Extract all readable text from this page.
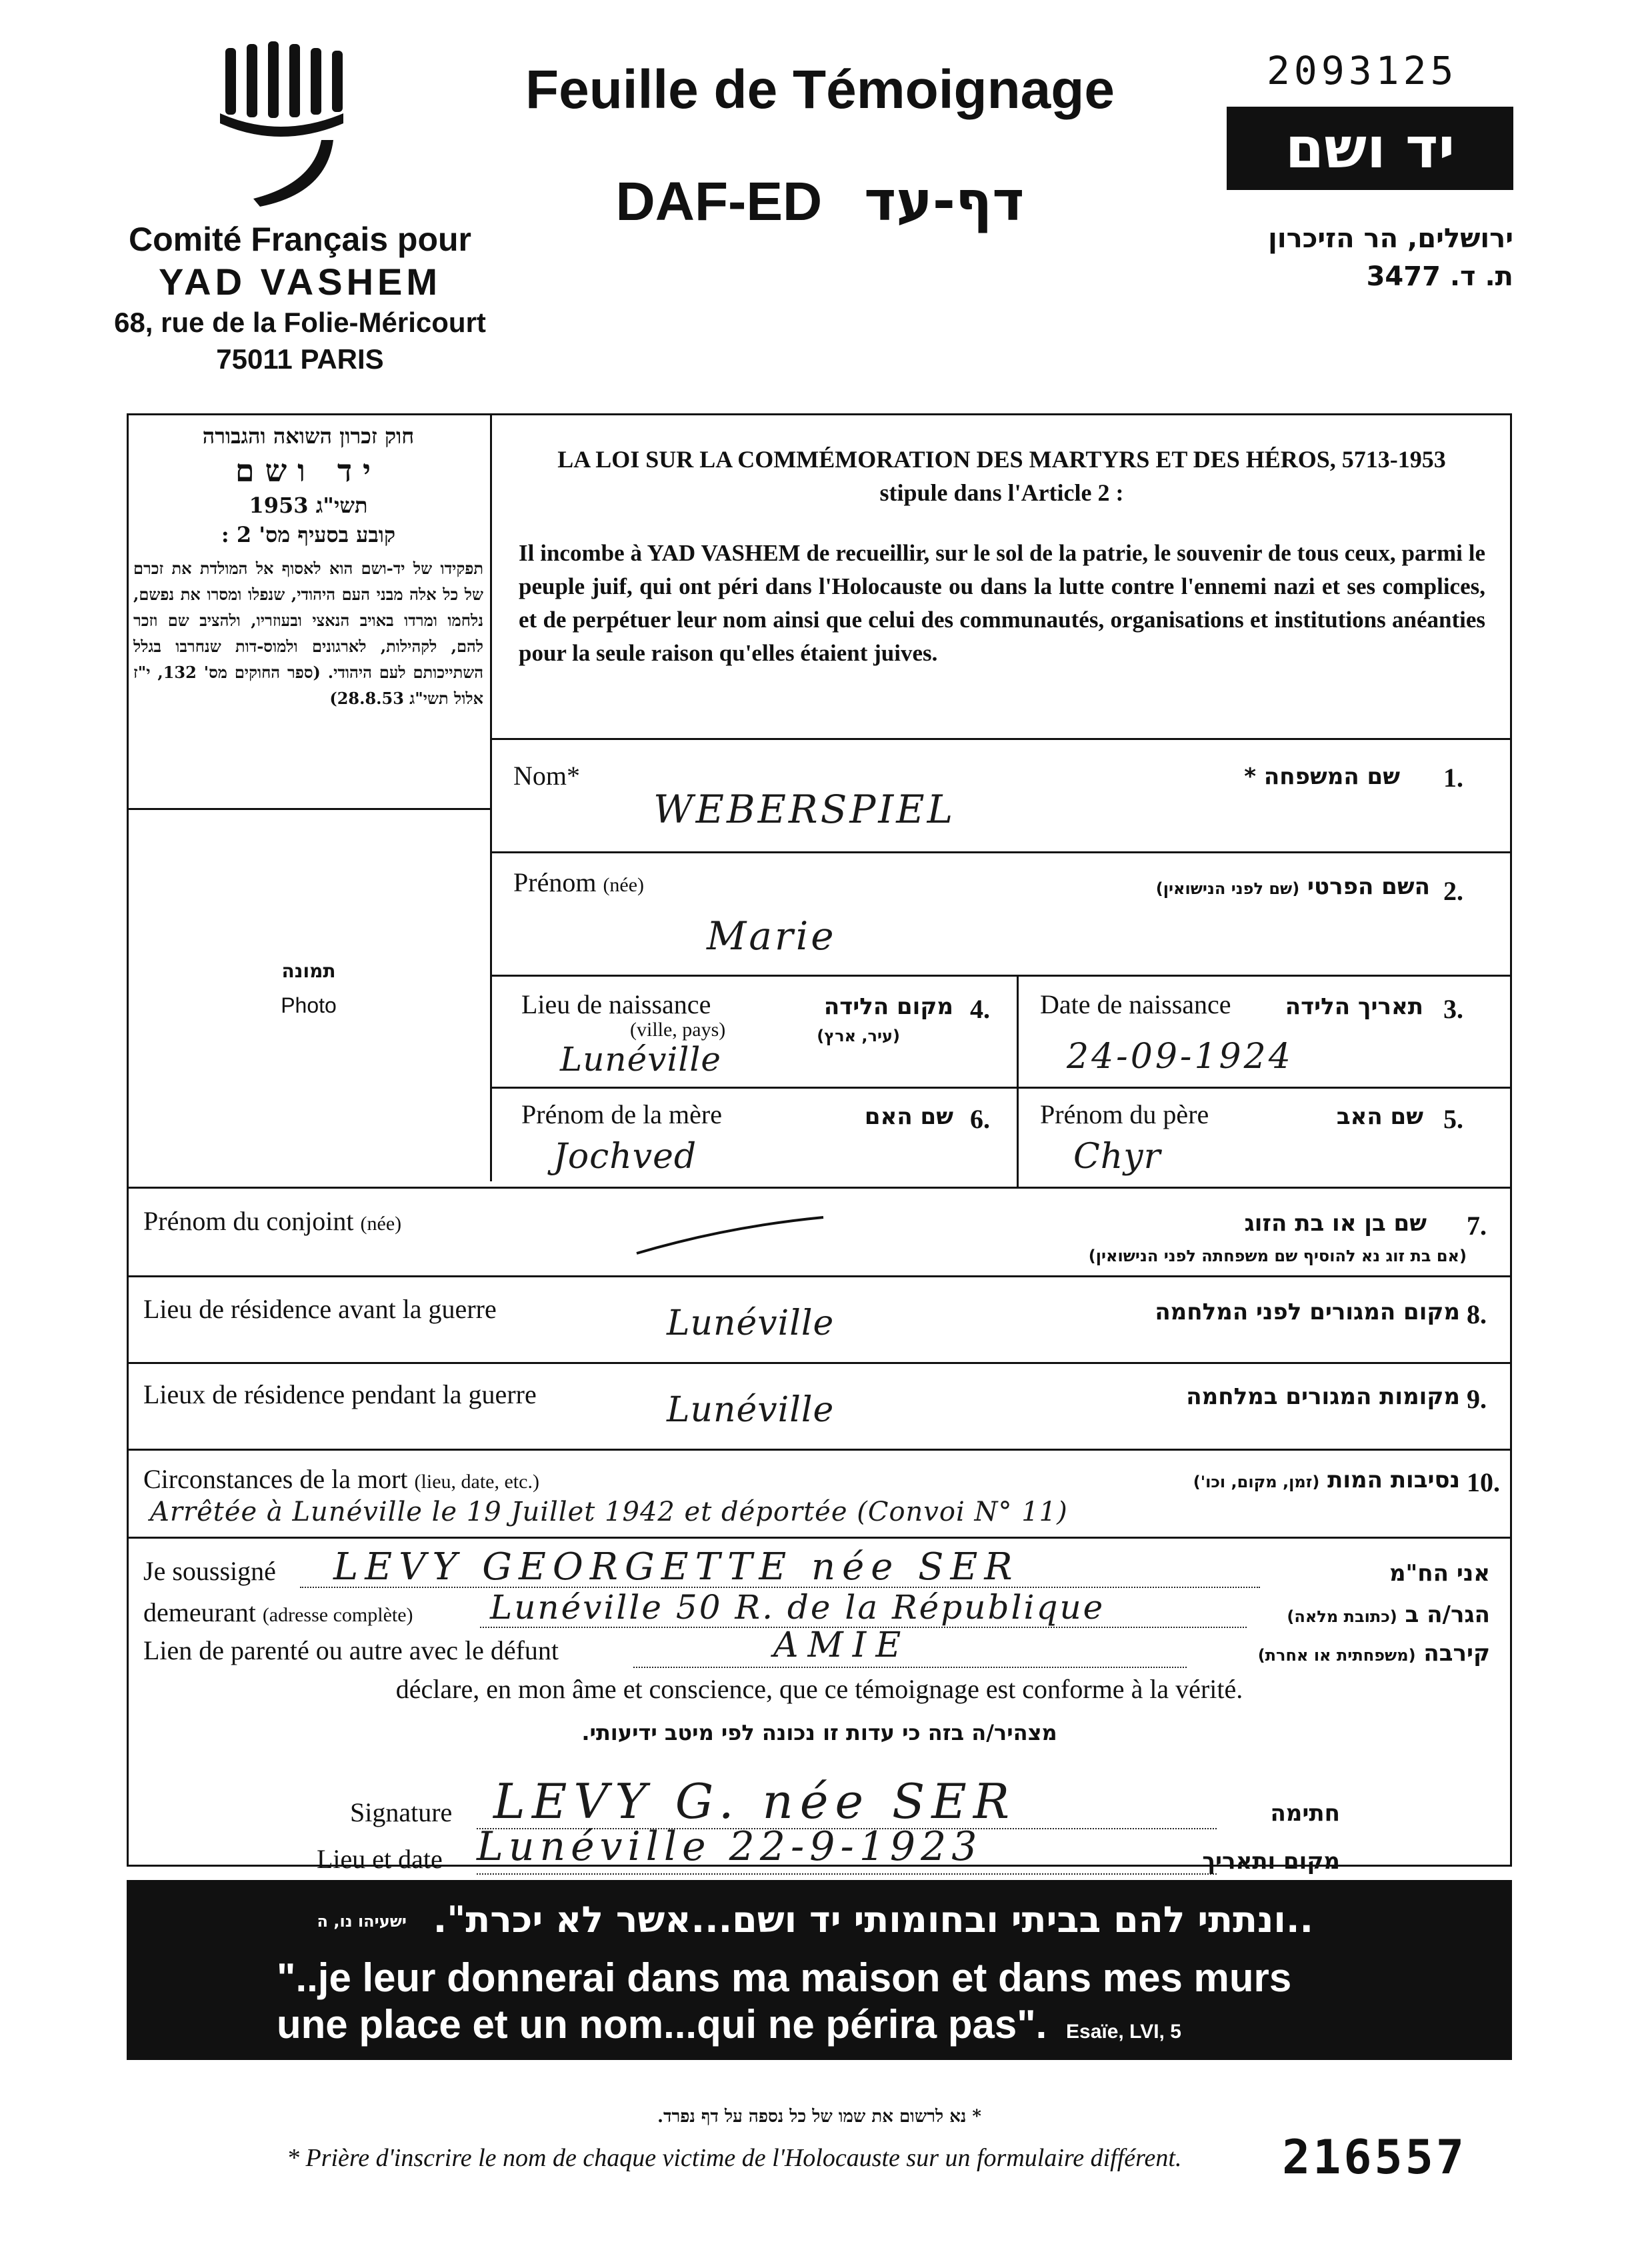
Comité Français pour
YAD VASHEM
68, rue de la Folie-Méricourt
75011 PARIS
Feuille de Témoignage
DAF-ED דף-עד
2093125
יד ושם
ירושלים, הר הזיכרון
ת. ד. 3477
חוק זכרון השואה והגבורה
יד ושם
תשי"ג 1953
קובע בסעיף מס' 2 :
תפקידו של יד-ושם הוא לאסוף אל המולדת את זכרם של כל אלה מבני העם היהודי, שנפלו ומסרו את נפשם, נלחמו ומרדו באויב הנאצי ובעוזריו, ולהציב שם וזכר להם, לקהילות, לארגונים ולמוס-דות שנחרבו בגלל השתייכותם לעם היהודי. (ספר החוקים מס' 132, י"ז אלול תשי"ג 28.8.53)
תמונה
Photo
LA LOI SUR LA COMMÉMORATION DES MARTYRS ET DES HÉROS, 5713-1953
stipule dans l'Article 2 :
Il incombe à YAD VASHEM de recueillir, sur le sol de la patrie, le souvenir de tous ceux, parmi le peuple juif, qui ont péri dans l'Holocauste ou dans la lutte contre l'ennemi nazi et ses complices, et de perpétuer leur nom ainsi que celui des communautés, organisations et institutions anéanties pour la seule raison qu'elles étaient juives.
Nom*	שם המשפחה * 1.
WEBERSPIEL
Prénom (née)	השם הפרטי (שם לפני הנישואין)	2.
Marie
Lieu de naissance
(ville, pays)
מקום הלידה
(עיר, ארץ)
4.
Lunéville
Date de naissance	תאריך הלידה 3.
24-09-1924
Prénom de la mère	שם האם 6.
Jochved
Prénom du père	שם האב 5.
Chyr
Prénom du conjoint (née)	שם בן או בת הזוג
(אם בת זוג נא להוסיף שם משפחתה לפני הנישואין)
7.
Lieu de résidence avant la guerre	מקום המגורים לפני המלחמה 8.
Lunéville
Lieux de résidence pendant la guerre	מקומות המגורים במלחמה 9.
Lunéville
Circonstances de la mort (lieu, date, etc.)	נסיבות המות (זמן, מקום, וכו')	10.
Arrêtée à Lunéville le 19 Juillet 1942 et déportée (Convoi N° 11)
Je soussigné LEVY GEORGETTE née SER	אני הח"מ
demeurant (adresse complète) Lunéville 50 R. de la République	הגר/ה ב (כתובת מלאה)
Lien de parenté ou autre avec le défunt	AMIE	קירבה (משפחתית או אחרת)
déclare, en mon âme et conscience, que ce témoignage est conforme à la vérité.
מצהיר/ה בזה כי עדות זו נכונה לפי מיטב ידיעותי.
Signature LEVY G. née SER	חתימה
Lieu et date Lunéville 22-9-1923	מקום ותאריך
..ונתתי להם בביתי ובחומותי יד ושם...אשר לא יכרת".
ישעיהו נו, ה
"..je leur donnerai dans ma maison et dans mes murs
une place et un nom...qui ne périra pas". Esaïe, LVI, 5
* נא לרשום את שמו של כל נספה על דף נפרד.
* Prière d'inscrire le nom de chaque victime de l'Holocauste sur un formulaire différent.	216557
